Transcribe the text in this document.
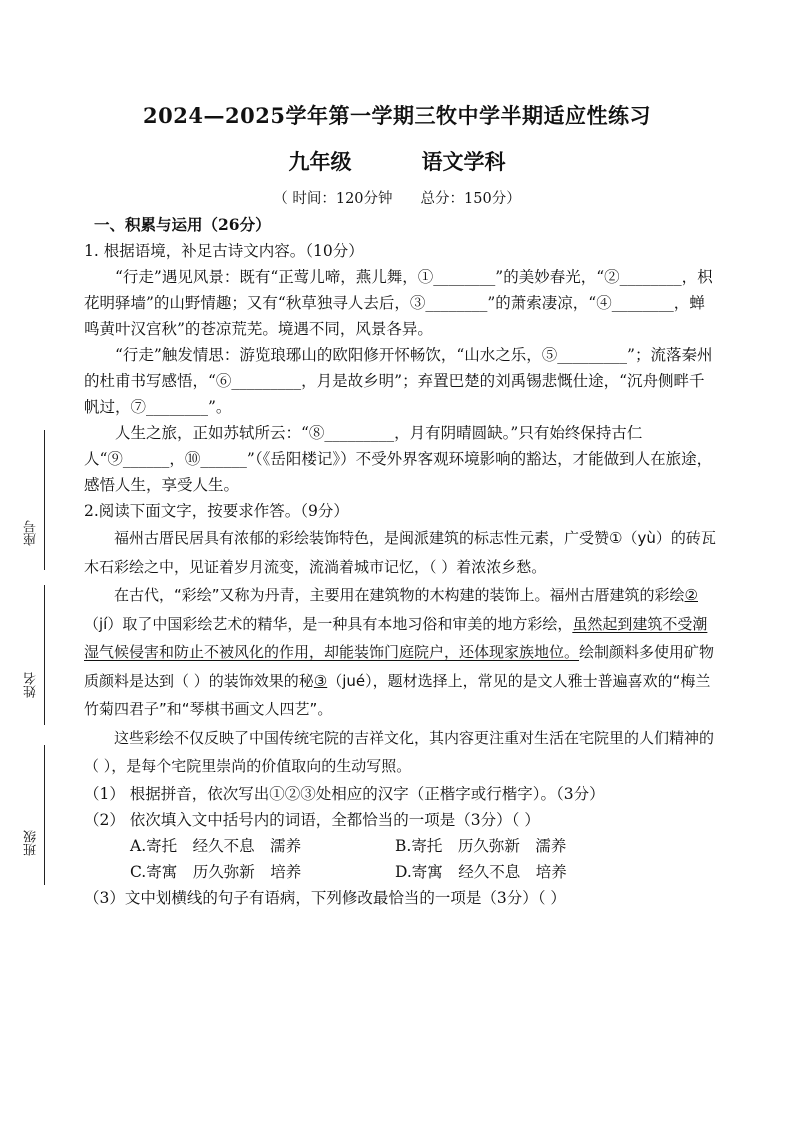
2024—2025学年第一学期三牧中学半期适应性练习
九年级	语文学科
（ 时间：120分钟 总分：150分）
座号
姓名
班级

一、积累与运用（26分）

1. 根据语境，补足古诗文内容。（10分）

“行走”遇见风景：既有“正莺儿啼，燕儿舞，①________”的美妙春光，“②________，枳花明驿墙”的山野情趣；又有“秋草独寻人去后，③________”的萧索凄凉，“④________，蝉鸣黄叶汉宫秋”的苍凉荒芜。境遇不同，风景各异。

“行走”触发情思：游览琅琊山的欧阳修开怀畅饮，“山水之乐，⑤_________”；流落秦州的杜甫书写感悟，“⑥_________，月是故乡明”；弃置巴楚的刘禹锡悲慨仕途，“沉舟侧畔千帆过，⑦________”。

人生之旅，正如苏轼所云：“⑧_________，月有阴晴圆缺。”只有始终保持古仁人“⑨______，⑩______”（《岳阳楼记》）不受外界客观环境影响的豁达，才能做到人在旅途，感悟人生，享受人生。

2.阅读下面文字，按要求作答。（9分）

福州古厝民居具有浓郁的彩绘装饰特色，是闽派建筑的标志性元素，广受赞①（yù）的砖瓦木石彩绘之中，见证着岁月流变，流淌着城市记忆，（ ）着浓浓乡愁。

在古代，“彩绘”又称为丹青，主要用在建筑物的木构建的装饰上。福州古厝建筑的彩绘②（jí）取了中国彩绘艺术的精华，是一种具有本地习俗和审美的地方彩绘，虽然起到建筑不受潮湿气候侵害和防止不被风化的作用，却能装饰门庭院户，还体现家族地位。绘制颜料多使用矿物质颜料是达到（ ）的装饰效果的秘③（jué），题材选择上，常见的是文人雅士普遍喜欢的“梅兰竹菊四君子”和“琴棋书画文人四艺”。

这些彩绘不仅反映了中国传统宅院的吉祥文化，其内容更注重对生活在宅院里的人们精神的（ ），是每个宅院里崇尚的价值取向的生动写照。

（1） 根据拼音，依次写出①②③处相应的汉字（正楷字或行楷字）。（3分）

（2） 依次填入文中括号内的词语，全都恰当的一项是（3分）（ ）

A.寄托　经久不息　濡养	B.寄托　历久弥新　濡养
C.寄寓　历久弥新　培养	D.寄寓　经久不息　培养

（3）文中划横线的句子有语病，下列修改最恰当的一项是（3分）（ ）
